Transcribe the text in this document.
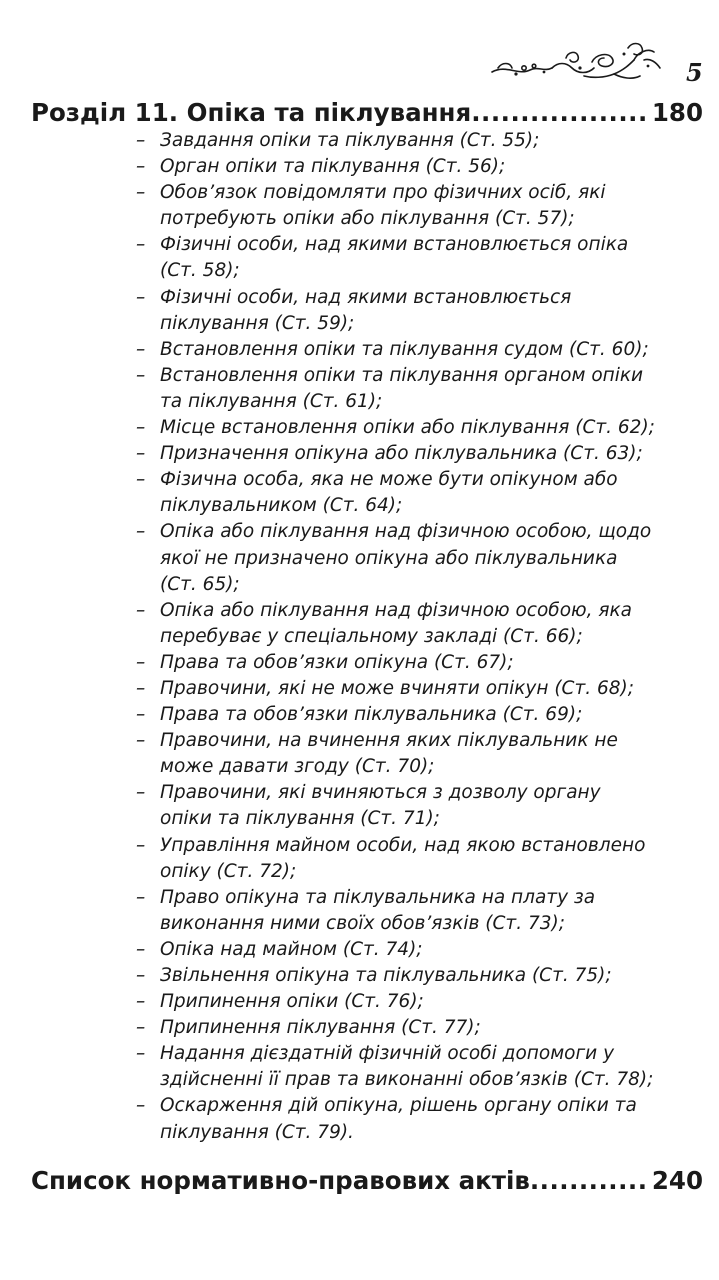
5
Розділ 11. Опіка та піклування .....	180
– Завдання опіки та піклування (Ст. 55);
– Орган опіки та піклування (Ст. 56);
– Обов’язок повідомляти про фізичних осіб, які потребують опіки або піклування (Ст. 57);
– Фізичні особи, над якими встановлюється опіка (Ст. 58);
– Фізичні особи, над якими встановлюється піклування (Ст. 59);
– Встановлення опіки та піклування судом (Ст. 60);
– Встановлення опіки та піклування органом опіки та піклування (Ст. 61);
– Місце встановлення опіки або піклування (Ст. 62);
– Призначення опікуна або піклувальника (Ст. 63);
– Фізична особа, яка не може бути опікуном або піклувальником (Ст. 64);
– Опіка або піклування над фізичною особою, щодо якої не призначено опікуна або піклувальника (Ст. 65);
– Опіка або піклування над фізичною особою, яка перебуває у спеціальному закладі (Ст. 66);
– Права та обов’язки опікуна (Ст. 67);
– Правочини, які не може вчиняти опікун (Ст. 68);
– Права та обов’язки піклувальника (Ст. 69);
– Правочини, на вчинення яких піклувальник не може давати згоду (Ст. 70);
– Правочини, які вчиняються з дозволу органу опіки та піклування (Ст. 71);
– Управління майном особи, над якою встановлено опіку (Ст. 72);
– Право опікуна та піклувальника на плату за виконання ними своїх обов’язків (Ст. 73);
– Опіка над майном (Ст. 74);
– Звільнення опікуна та піклувальника (Ст. 75);
– Припинення опіки (Ст. 76);
– Припинення піклування (Ст. 77);
– Надання дієздатній фізичній особі допомоги у здійсненні її прав та виконанні обов’язків (Ст. 78);
– Оскарження дій опікуна, рішень органу опіки та піклування (Ст. 79).
Список нормативно-правових актів .....	240
